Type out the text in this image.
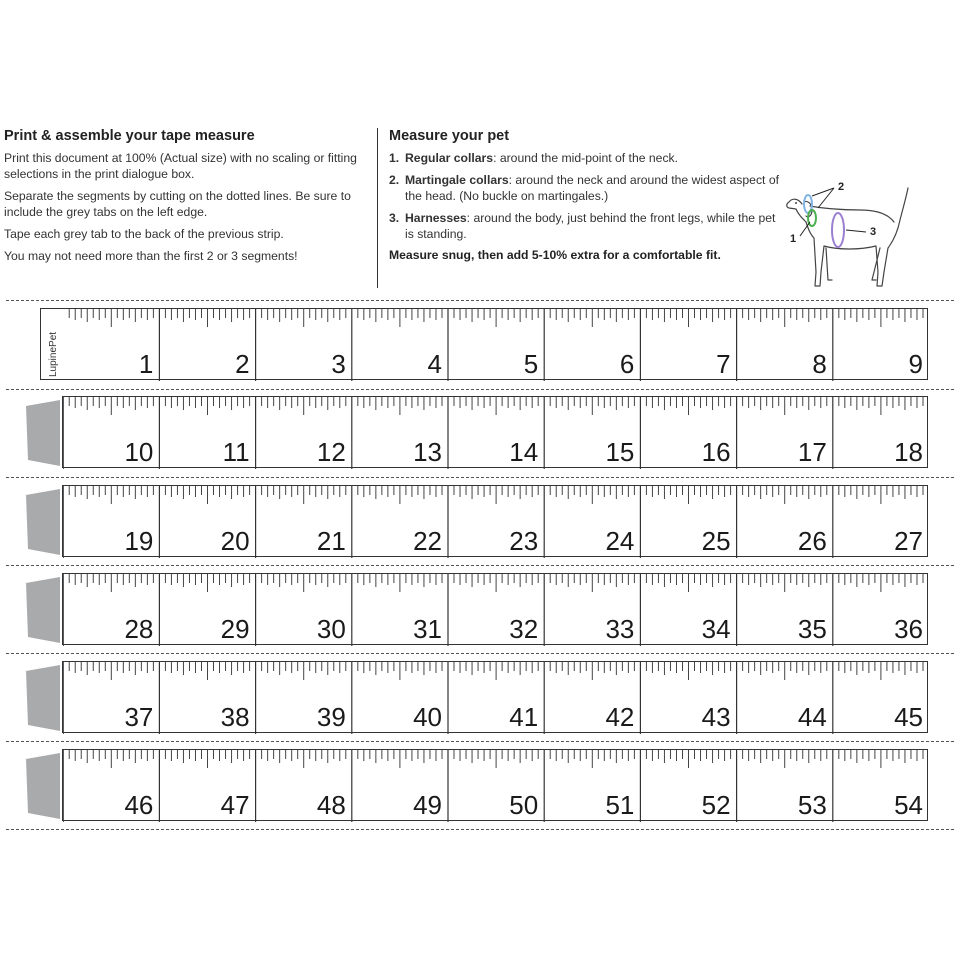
Print & assemble your tape measure

Print this document at 100% (Actual size) with no scaling or fitting selections in the print dialogue box.

Separate the segments by cutting on the dotted lines. Be sure to include the grey tabs on the left edge.

Tape each grey tab to the back of the previous strip.

You may not need more than the first 2 or 3 segments!

Measure your pet
1. Regular collars: around the mid-point of the neck.
2. Martingale collars: around the neck and around the widest aspect of the head. (No buckle on martingales.)
3. Harnesses: around the body, just behind the front legs, while the pet is standing.

Measure snug, then add 5-10% extra for a comfortable fit.

2
1
3
1	2	3	4	5	6	7	8	9
LupinePet
10	11	12	13	14	15	16	17	18
19	20	21	22	23	24	25	26	27
28	29	30	31	32	33	34	35	36
37	38	39	40	41	42	43	44	45
46	47	48	49	50	51	52	53	54
